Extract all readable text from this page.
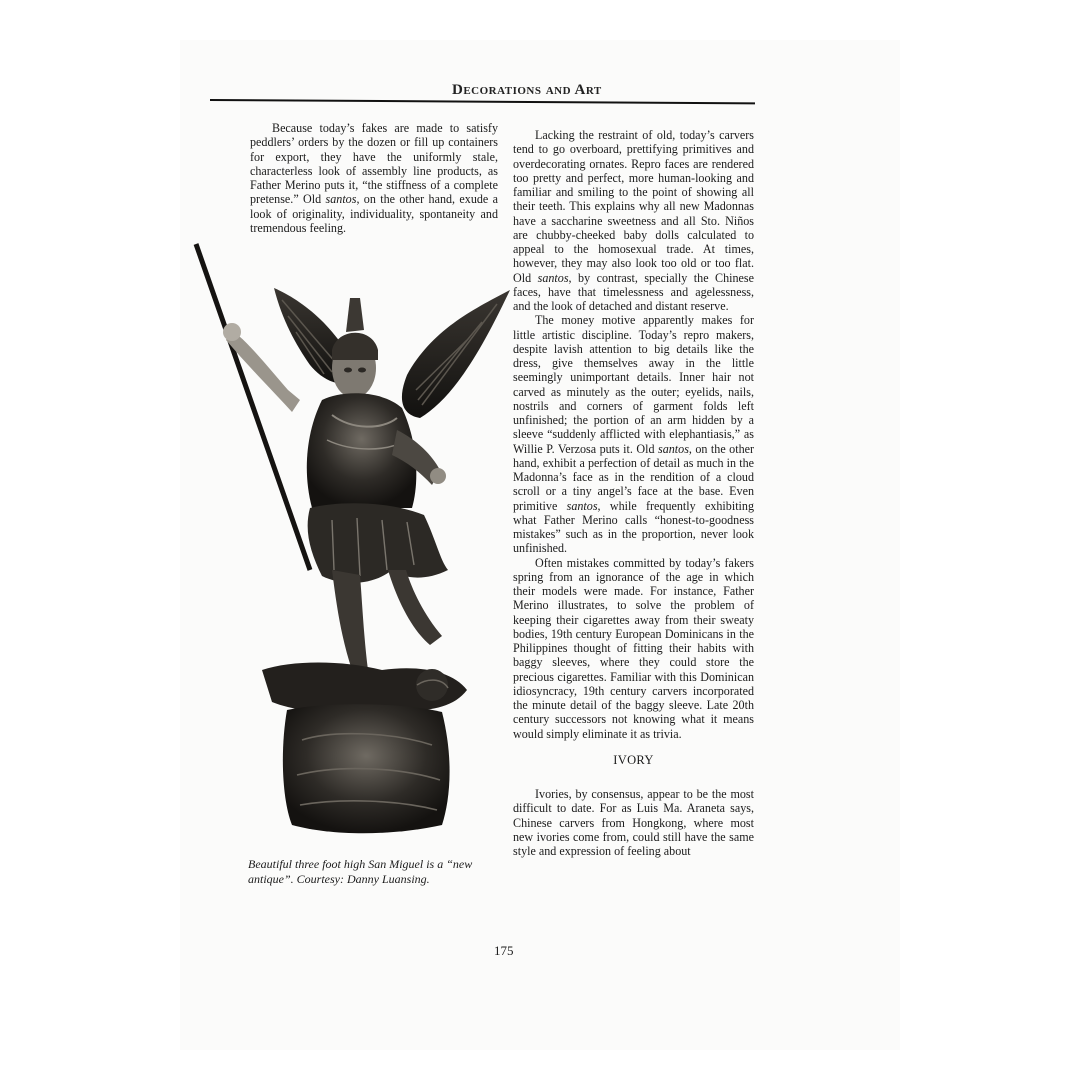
Decorations and Art

Because today’s fakes are made to satisfy peddlers’ orders by the dozen or fill up containers for export, they have the uniformly stale, characterless look of assembly line products, as Father Merino puts it, “the stiffness of a complete pretense.” Old santos, on the other hand, exude a look of originality, individuality, spontaneity and tremendous feeling.

Beautiful three foot high San Miguel is a “new antique”. Courtesy: Danny Luansing.

Lacking the restraint of old, today’s carvers tend to go overboard, prettifying primitives and overdecorating ornates. Repro faces are rendered too pretty and perfect, more human-looking and familiar and smiling to the point of showing all their teeth. This explains why all new Madonnas have a saccharine sweetness and all Sto. Niños are chubby-cheeked baby dolls calculated to appeal to the homosexual trade. At times, however, they may also look too old or too flat. Old santos, by contrast, specially the Chinese faces, have that timelessness and agelessness, and the look of detached and distant reserve.

The money motive apparently makes for little artistic discipline. Today’s repro makers, despite lavish attention to big details like the dress, give themselves away in the little seemingly unimportant details. Inner hair not carved as minutely as the outer; eyelids, nails, nostrils and corners of garment folds left unfinished; the portion of an arm hidden by a sleeve “suddenly afflicted with elephantiasis,” as Willie P. Verzosa puts it. Old santos, on the other hand, exhibit a perfection of detail as much in the Madonna’s face as in the rendition of a cloud scroll or a tiny angel’s face at the base. Even primitive santos, while frequently exhibiting what Father Merino calls “honest-to-goodness mistakes” such as in the proportion, never look unfinished.

Often mistakes committed by today’s fakers spring from an ignorance of the age in which their models were made. For instance, Father Merino illustrates, to solve the problem of keeping their cigarettes away from their sweaty bodies, 19th century European Dominicans in the Philippines thought of fitting their habits with baggy sleeves, where they could store the precious cigarettes. Familiar with this Dominican idiosyncracy, 19th century carvers incorporated the minute detail of the baggy sleeve. Late 20th century successors not knowing what it means would simply eliminate it as trivia.

IVORY

Ivories, by consensus, appear to be the most difficult to date. For as Luis Ma. Araneta says, Chinese carvers from Hongkong, where most new ivories come from, could still have the same style and expression of feeling about

175
